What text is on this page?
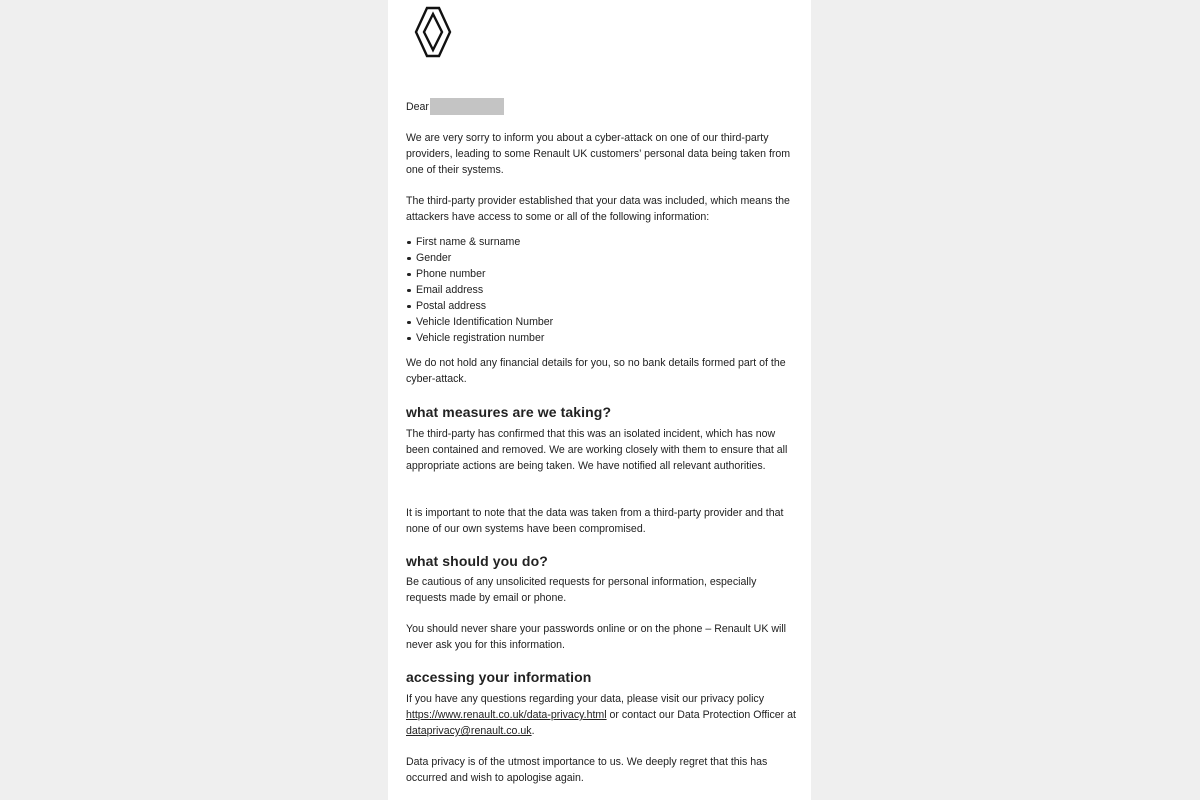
Dear

We are very sorry to inform you about a cyber-attack on one of our third-party providers, leading to some Renault UK customers’ personal data being taken from one of their systems.

The third-party provider established that your data was included, which means the attackers have access to some or all of the following information:

First name & surname
Gender
Phone number
Email address
Postal address
Vehicle Identification Number
Vehicle registration number

We do not hold any financial details for you, so no bank details formed part of the cyber-attack.

what measures are we taking?

The third-party has confirmed that this was an isolated incident, which has now been contained and removed. We are working closely with them to ensure that all appropriate actions are being taken. We have notified all relevant authorities.

It is important to note that the data was taken from a third-party provider and that none of our own systems have been compromised.

what should you do?

Be cautious of any unsolicited requests for personal information, especially requests made by email or phone.

You should never share your passwords online or on the phone – Renault UK will never ask you for this information.

accessing your information

If you have any questions regarding your data, please visit our privacy policy https://www.renault.co.uk/data-privacy.html or contact our Data Protection Officer at dataprivacy@renault.co.uk.

Data privacy is of the utmost importance to us. We deeply regret that this has occurred and wish to apologise again.
